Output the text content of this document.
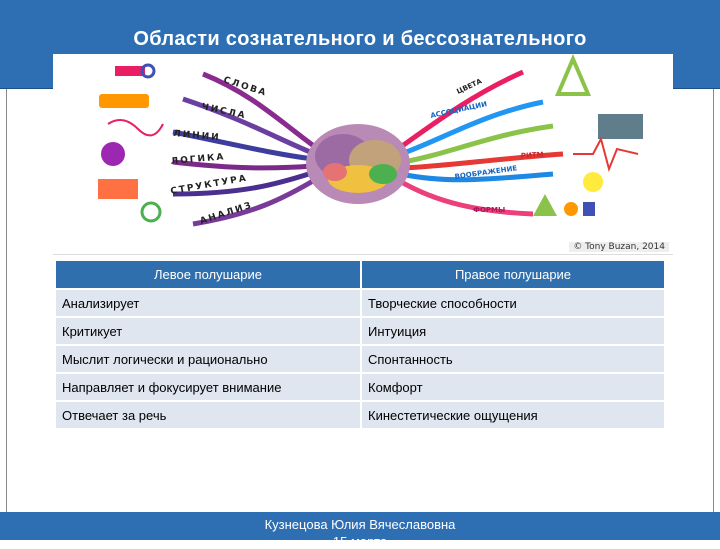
Области сознательного и бессознательного
СЛОВА
ЧИСЛА
ЛИНИИ
ЛОГИКА
СТРУКТУРА
АНАЛИЗ
ЦВЕТА
АССОЦИАЦИИ
РИТМ
ВООБРАЖЕНИЕ
ФОРМЫ
© Tony Buzan, 2014
Левое полушарие	Правое полушарие
Анализирует	Творческие способности
Критикует	Интуиция
Мыслит логически и рационально	Спонтанность
Направляет и фокусирует внимание	Комфорт
Отвечает за речь	Кинестетические ощущения
Кузнецова Юлия Вячеславовна
15 марта
